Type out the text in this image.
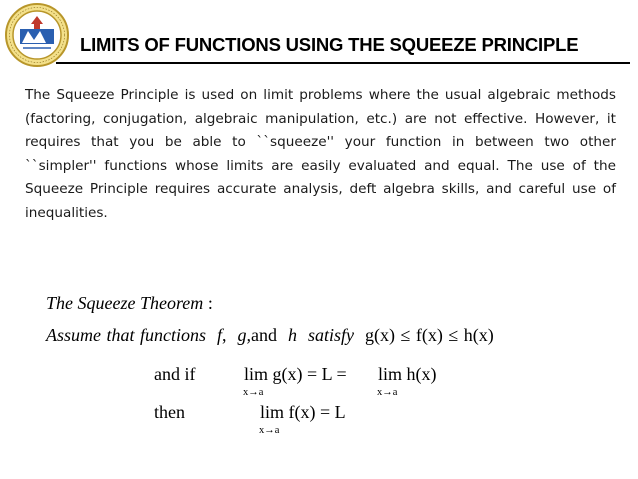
LIMITS OF FUNCTIONS USING THE SQUEEZE PRINCIPLE

The Squeeze Principle is used on limit problems where the usual algebraic methods (factoring, conjugation, algebraic manipulation, etc.) are not effective. However, it requires that you be able to ``squeeze'' your function in between two other ``simpler'' functions whose limits are easily evaluated and equal. The use of the Squeeze Principle requires accurate analysis, deft algebra skills, and careful use of inequalities.

The Squeeze Theorem :
Assume that functions f, g,and h satisfy g(x) ≤ f(x) ≤ h(x)
and if	lim g(x) = L =
x→a
lim h(x)
x→a
then	lim f(x) = L
x→a
